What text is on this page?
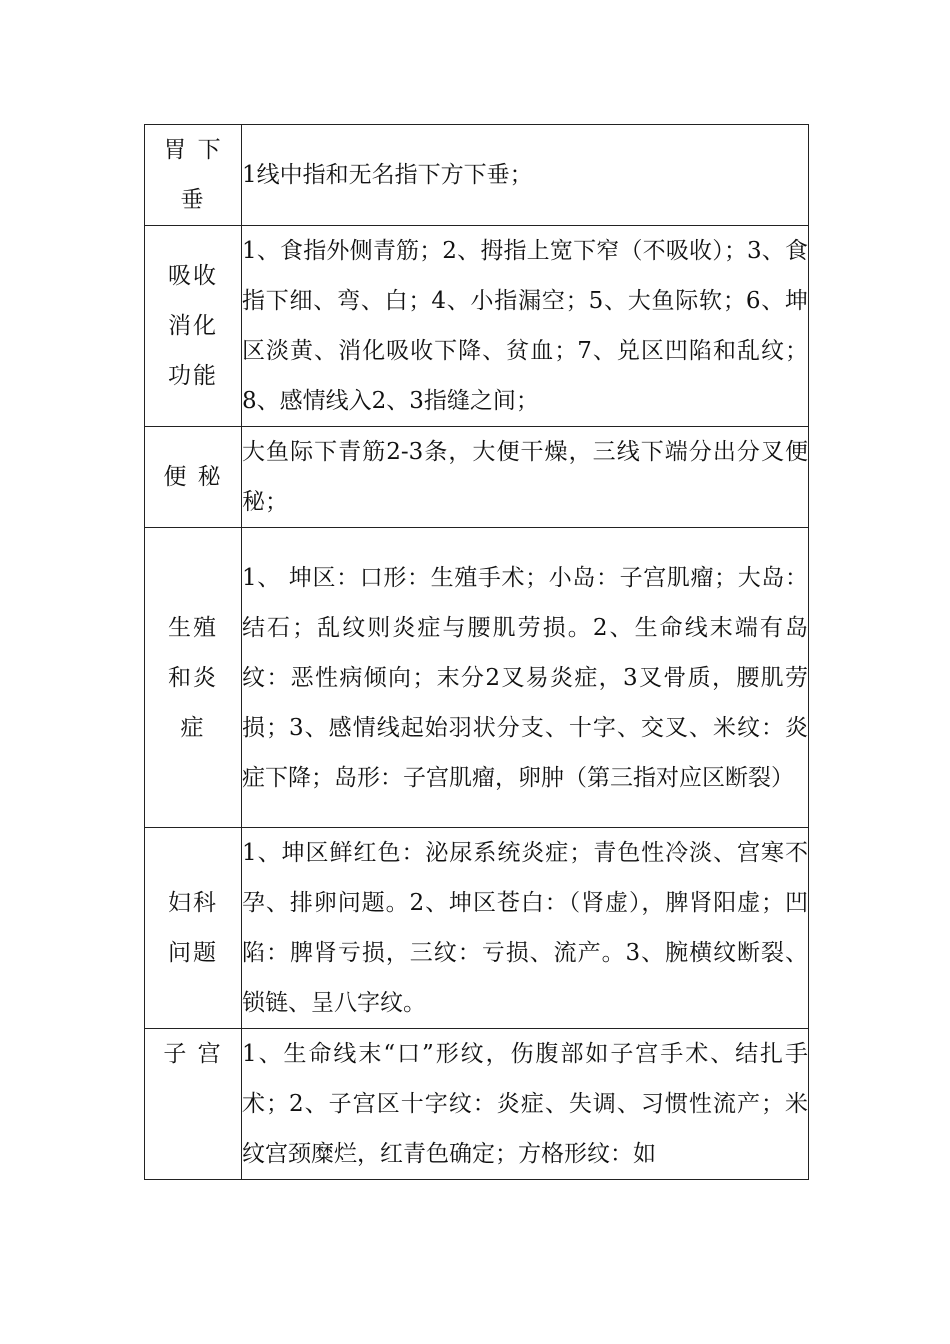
胃 下 垂	1线中指和无名指下方下垂；

吸收消化功能	1、食指外侧青筋；2、拇指上宽下窄（不吸收）；3、食指下细、弯、白；4、小指漏空；5、大鱼际软；6、坤区淡黄、消化吸收下降、贫血；7、兑区凹陷和乱纹；8、感情线入2、3指缝之间；

便 秘	大鱼际下青筋2-3条，大便干燥，三线下端分出分叉便秘；

生殖和炎症	1、 坤区：口形：生殖手术；小岛：子宫肌瘤；大岛：结石；乱纹则炎症与腰肌劳损。2、生命线末端有岛纹：恶性病倾向；末分2叉易炎症，3叉骨质，腰肌劳损；3、感情线起始羽状分支、十字、交叉、米纹：炎症下降；岛形：子宫肌瘤，卵肿（第三指对应区断裂）

妇科问题	1、坤区鲜红色：泌尿系统炎症；青色性冷淡、宫寒不孕、排卵问题。2、坤区苍白：（肾虚），脾肾阳虚；凹陷：脾肾亏损，三纹：亏损、流产。3、腕横纹断裂、锁链、呈八字纹。

子 宫	1、生命线末“口”形纹，伤腹部如子宫手术、结扎手术；2、子宫区十字纹：炎症、失调、习惯性流产；米纹宫颈糜烂，红青色确定；方格形纹：如
